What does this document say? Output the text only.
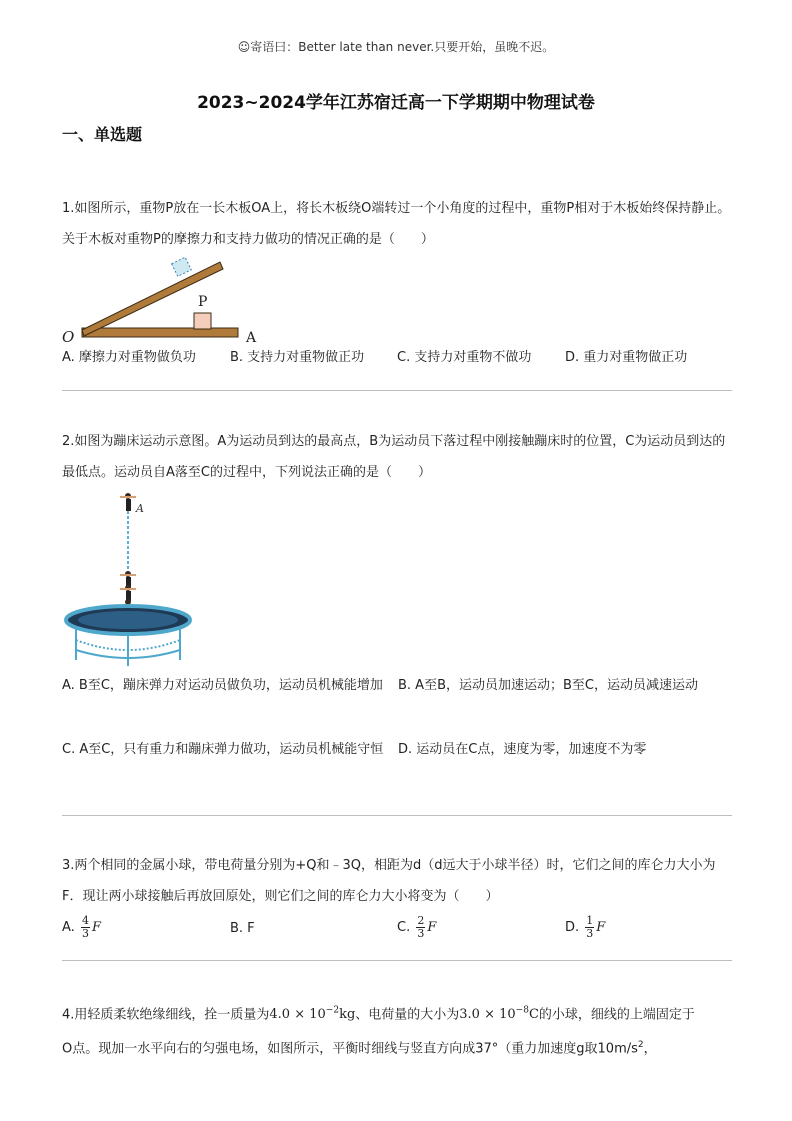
☺寄语曰：Better late than never.只要开始，虽晚不迟。
2023~2024学年江苏宿迁高一下学期期中物理试卷
一、单选题
1.如图所示，重物P放在一长木板OA上，将长木板绕O端转过一个小角度的过程中，重物P相对于木板始终保持静止。关于木板对重物P的摩擦力和支持力做功的情况正确的是（　　）
P
O	A
A. 摩擦力对重物做负功	B. 支持力对重物做正功	C. 支持力对重物不做功	D. 重力对重物做正功
2.如图为蹦床运动示意图。A为运动员到达的最高点，B为运动员下落过程中刚接触蹦床时的位置，C为运动员到达的最低点。运动员自A落至C的过程中，下列说法正确的是（　　）
A
A. B至C，蹦床弹力对运动员做负功，运动员机械能增加 B. A至B，运动员加速运动；B至C，运动员减速运动
C. A至C，只有重力和蹦床弹力做功，运动员机械能守恒 D. 运动员在C点，速度为零，加速度不为零
3.两个相同的金属小球，带电荷量分别为+Q和﹣3Q，相距为d（d远大于小球半径）时，它们之间的库仑力大小为F．现让两小球接触后再放回原处，则它们之间的库仑力大小将变为（　　）
A. $\frac{4}{3}$ F	B. F	C. $\frac{2}{3}$ F	D. $\frac{1}{3}$ F
4.用轻质柔软绝缘细线，拴一质量为$4.0 \times 10^{-2}kg$、电荷量的大小为$3.0 \times 10^{-8}C$的小球，细线的上端固定于
O点。现加一水平向右的匀强电场，如图所示，平衡时细线与竖直方向成37°（重力加速度g取$10m/s^2$，
